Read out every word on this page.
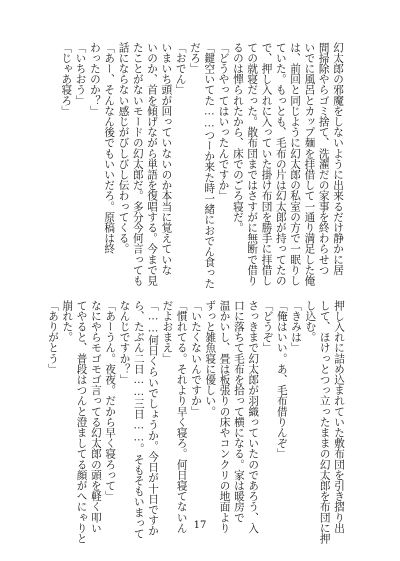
幻太郎の邪魔をしないように出来るだけ静かに居
間掃除やらゴミ捨て、洗濯だの家事を終わらせつ
いでに風呂とカップ麺を拝借して一通り満足した俺
は、前回と同じように幻太郎の私室の方で一眠りし
ていた。もっとも、毛布の片は幻太郎が持ってたの
で、押し入れに入っていた掛け布団を勝手に拝借し
ての就寝だった。散布団まではさすがに無断で借り
るのは憚られたから、床でのごろ寝だ。
「どうやってはいったんですか」
「鍵空いてた……つーか来た時一緒におでん食った
だろ」
「おでん」
いまいち頭が回っていないのか本当に覚えていな
いのか、首を傾げながら単語を復唱する。今まで見
たことがないモードの幻太郎だ。多分今何言っても
話にならない感じがびしびし伝わってくる。
「あー、そんなん後でもいいだろ。原稿は終
わったのか？」
「いちおう」
「じゃあ寝ろ」
押し入れに詰め込まれていた敷布団を引き摺り出
して、ほけっとつっ立ったままの幻太郎を布団に押
し込む。
「きみは」
「俺はいい。あ、毛布借りんぞ」
「どうぞ」
さっきまで幻太郎が羽織っていたのであろう、入
口に落ちて毛布を拾って横になる。家は暖房で
温かいし、畳は板張りの床やコンクリの地面より
ずっと雑魚寝に優しい。
「いたくないんですか」
「慣れてる。それより早く寝ろ。何日寝てないん
だよおまえ」
「……何日くらいでしょうか。今日が十日ですか
ら、たぶん二日……三日……。そもそもいまって
なんじですか？」
「あーうん。夜夜。だから早く寝ろって」
なにやらモゴモゴ言ってる幻太郎の頭を軽く叩い
てやると、普段はつんと澄ましてる顔がへにゃりと
崩れた。
「ありがとう」
17
